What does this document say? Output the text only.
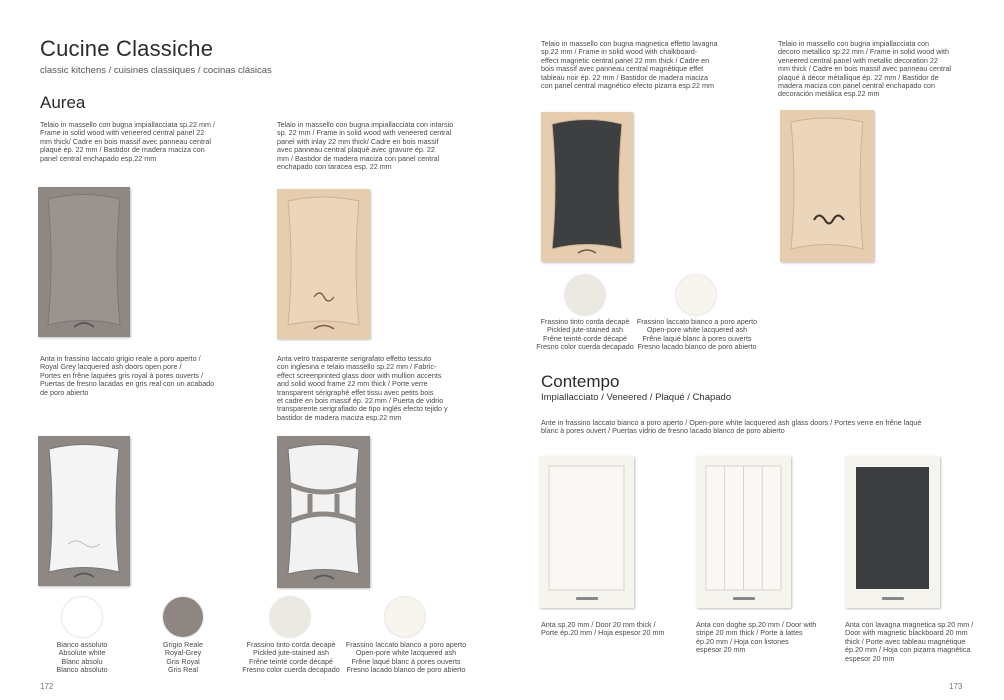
Cucine Classiche
classic kitchens / cuisines classiques / cocinas clásicas
Aurea
Telaio in massello con bugna impiallacciata sp.22 mm /
Frame in solid wood with veneered central panel 22
mm thick/ Cadre en bois massif avec panneau central
plaqué ép. 22 mm / Bastidor de madera maciza con
panel central enchapado esp.22 mm
Telaio in massello con bugna impiallacciata con intarsio
sp. 22 mm / Frame in solid wood with veneered central
panel with inlay 22 mm thick/ Cadre en bois massif
avec panneau central plaqué avec gravure ép. 22
mm / Bastidor de madera maciza con panel central
enchapado con taracea esp. 22 mm
Anta in frassino laccato grigio reale a poro aperto /
Royal Grey lacquered ash doors open pore /
Portes en frêne laquées gris royal à pores ouverts /
Puertas de fresno lacadas en gris real con un acabado
de poro abierto
Anta vetro trasparente serigrafato effetto tessuto
con inglesina e telaio massello sp.22 mm / Fabric-
effect screenprinted glass door with mullion accents
and solid wood frame 22 mm thick / Porte verre
transparent sérigraphé effet tissu avec petits bois
et cadre en bois massif ép. 22 mm / Puerta de vidrio
transparente serigrafiado de tipo inglés efecto tejido y
bastidor de madera maciza esp.22 mm
Bianco assoluto
Absolute white
Blanc absolu
Blanco absoluto
Grigio Reale
Royal-Grey
Gris Royal
Gris Real
Frassino tinto corda decapè
Pickled jute-stained ash
Frêne teinté corde décapé
Fresno color cuerda decapado
Frassino laccato bianco a poro aperto
Open-pore white lacquered ash
Frêne laqué blanc à pores ouverts
Fresno lacado blanco de poro abierto
172
Telaio in massello con bugna magnetica effetto lavagna
sp.22 mm / Frame in solid wood with chalkboard-
effect magnetic central panel 22 mm thick / Cadre en
bois massif avec panneau central magnétique effet
tableau noir ép. 22 mm / Bastidor de madera maciza
con panel central magnético efecto pizarra esp.22 mm
Telaio in massello con bugna impiallacciata con
decoro metallico sp.22 mm / Frame in solid wood with
veneered central panel with metallic decoration 22
mm thick / Cadre en bois massif avec panneau central
plaqué à décor métallique ép. 22 mm / Bastidor de
madera maciza con panel central enchapado con
decoración metálica esp.22 mm
Frassino tinto corda decapè
Pickled jute-stained ash
Frêne teinté corde décapé
Fresno color cuerda decapado
Frassino laccato bianco a poro aperto
Open-pore white lacquered ash
Frêne laqué blanc à pores ouverts
Fresno lacado blanco de poro abierto
Contempo
Impiallacciato / Veneered / Plaqué / Chapado
Ante in frassino laccato bianco a poro aperto / Open-pore white lacquered ash glass doors / Portes verre en frêne laqué
blanc à pores ouvert / Puertas vidrio de fresno lacado blanco de poro abierto
Anta sp.20 mm / Door 20 mm thick /
Porte ép.20 mm / Hoja espesor 20 mm
Anta con doghe sp.20 mm / Door with
stripe 20 mm thick / Porte à lattes
ép.20 mm / Hoja con listones
espesor 20 mm
Anta con lavagna magnetica sp.20 mm /
Door with magnetic blackboard 20 mm
thick / Porte avec tableau magnétique
ép.20 mm / Hoja con pizarra magnética
espesor 20 mm
173
